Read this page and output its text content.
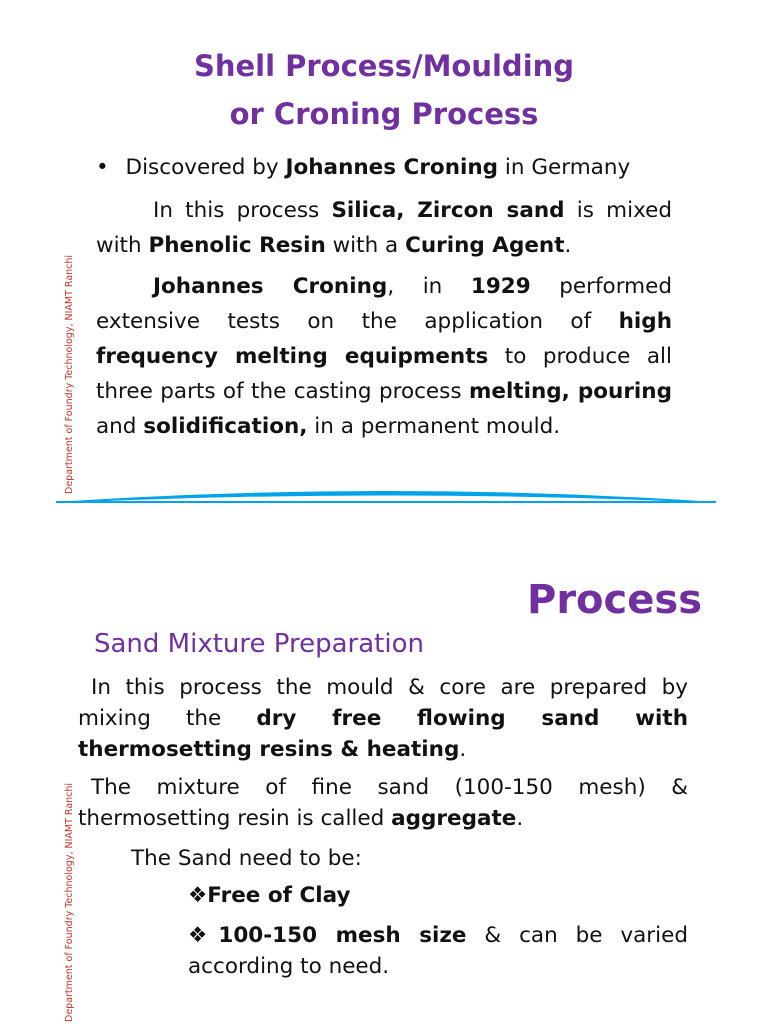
Department of Foundry Technology, NIAMT Ranchi
Shell Process/Moulding
or Croning Process
• Discovered by Johannes Croning in Germany
In this process Silica, Zircon sand is mixed with Phenolic Resin with a Curing Agent.
Johannes Croning, in 1929 performed extensive tests on the application of high frequency melting equipments to produce all three parts of the casting process melting, pouring and solidification, in a permanent mould.
Department of Foundry Technology, NIAMT Ranchi
Process
Sand Mixture Preparation
In this process the mould & core are prepared by mixing the dry free flowing sand with thermosetting resins & heating.
The mixture of fine sand (100-150 mesh) & thermosetting resin is called aggregate.
The Sand need to be:
❖Free of Clay
❖100-150 mesh size & can be varied according to need.
